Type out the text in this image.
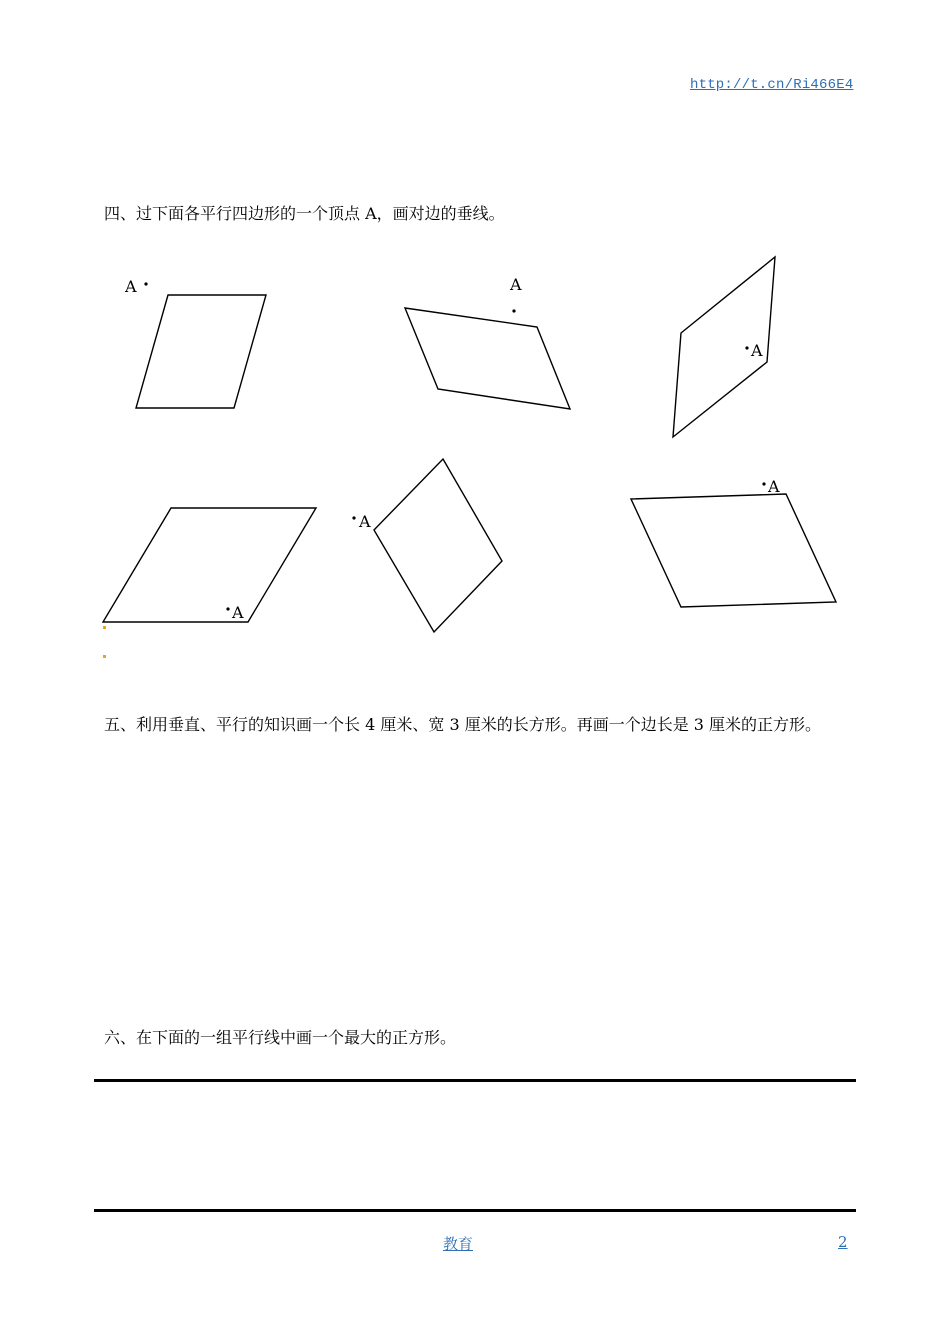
http://t.cn/Ri466E4
四、过下面各平行四边形的一个顶点 A，画对边的垂线。
A	A
A
A
A
A
五、利用垂直、平行的知识画一个长 4 厘米、宽 3 厘米的长方形。再画一个边长是 3 厘米的正方形。
六、在下面的一组平行线中画一个最大的正方形。
教育	2
